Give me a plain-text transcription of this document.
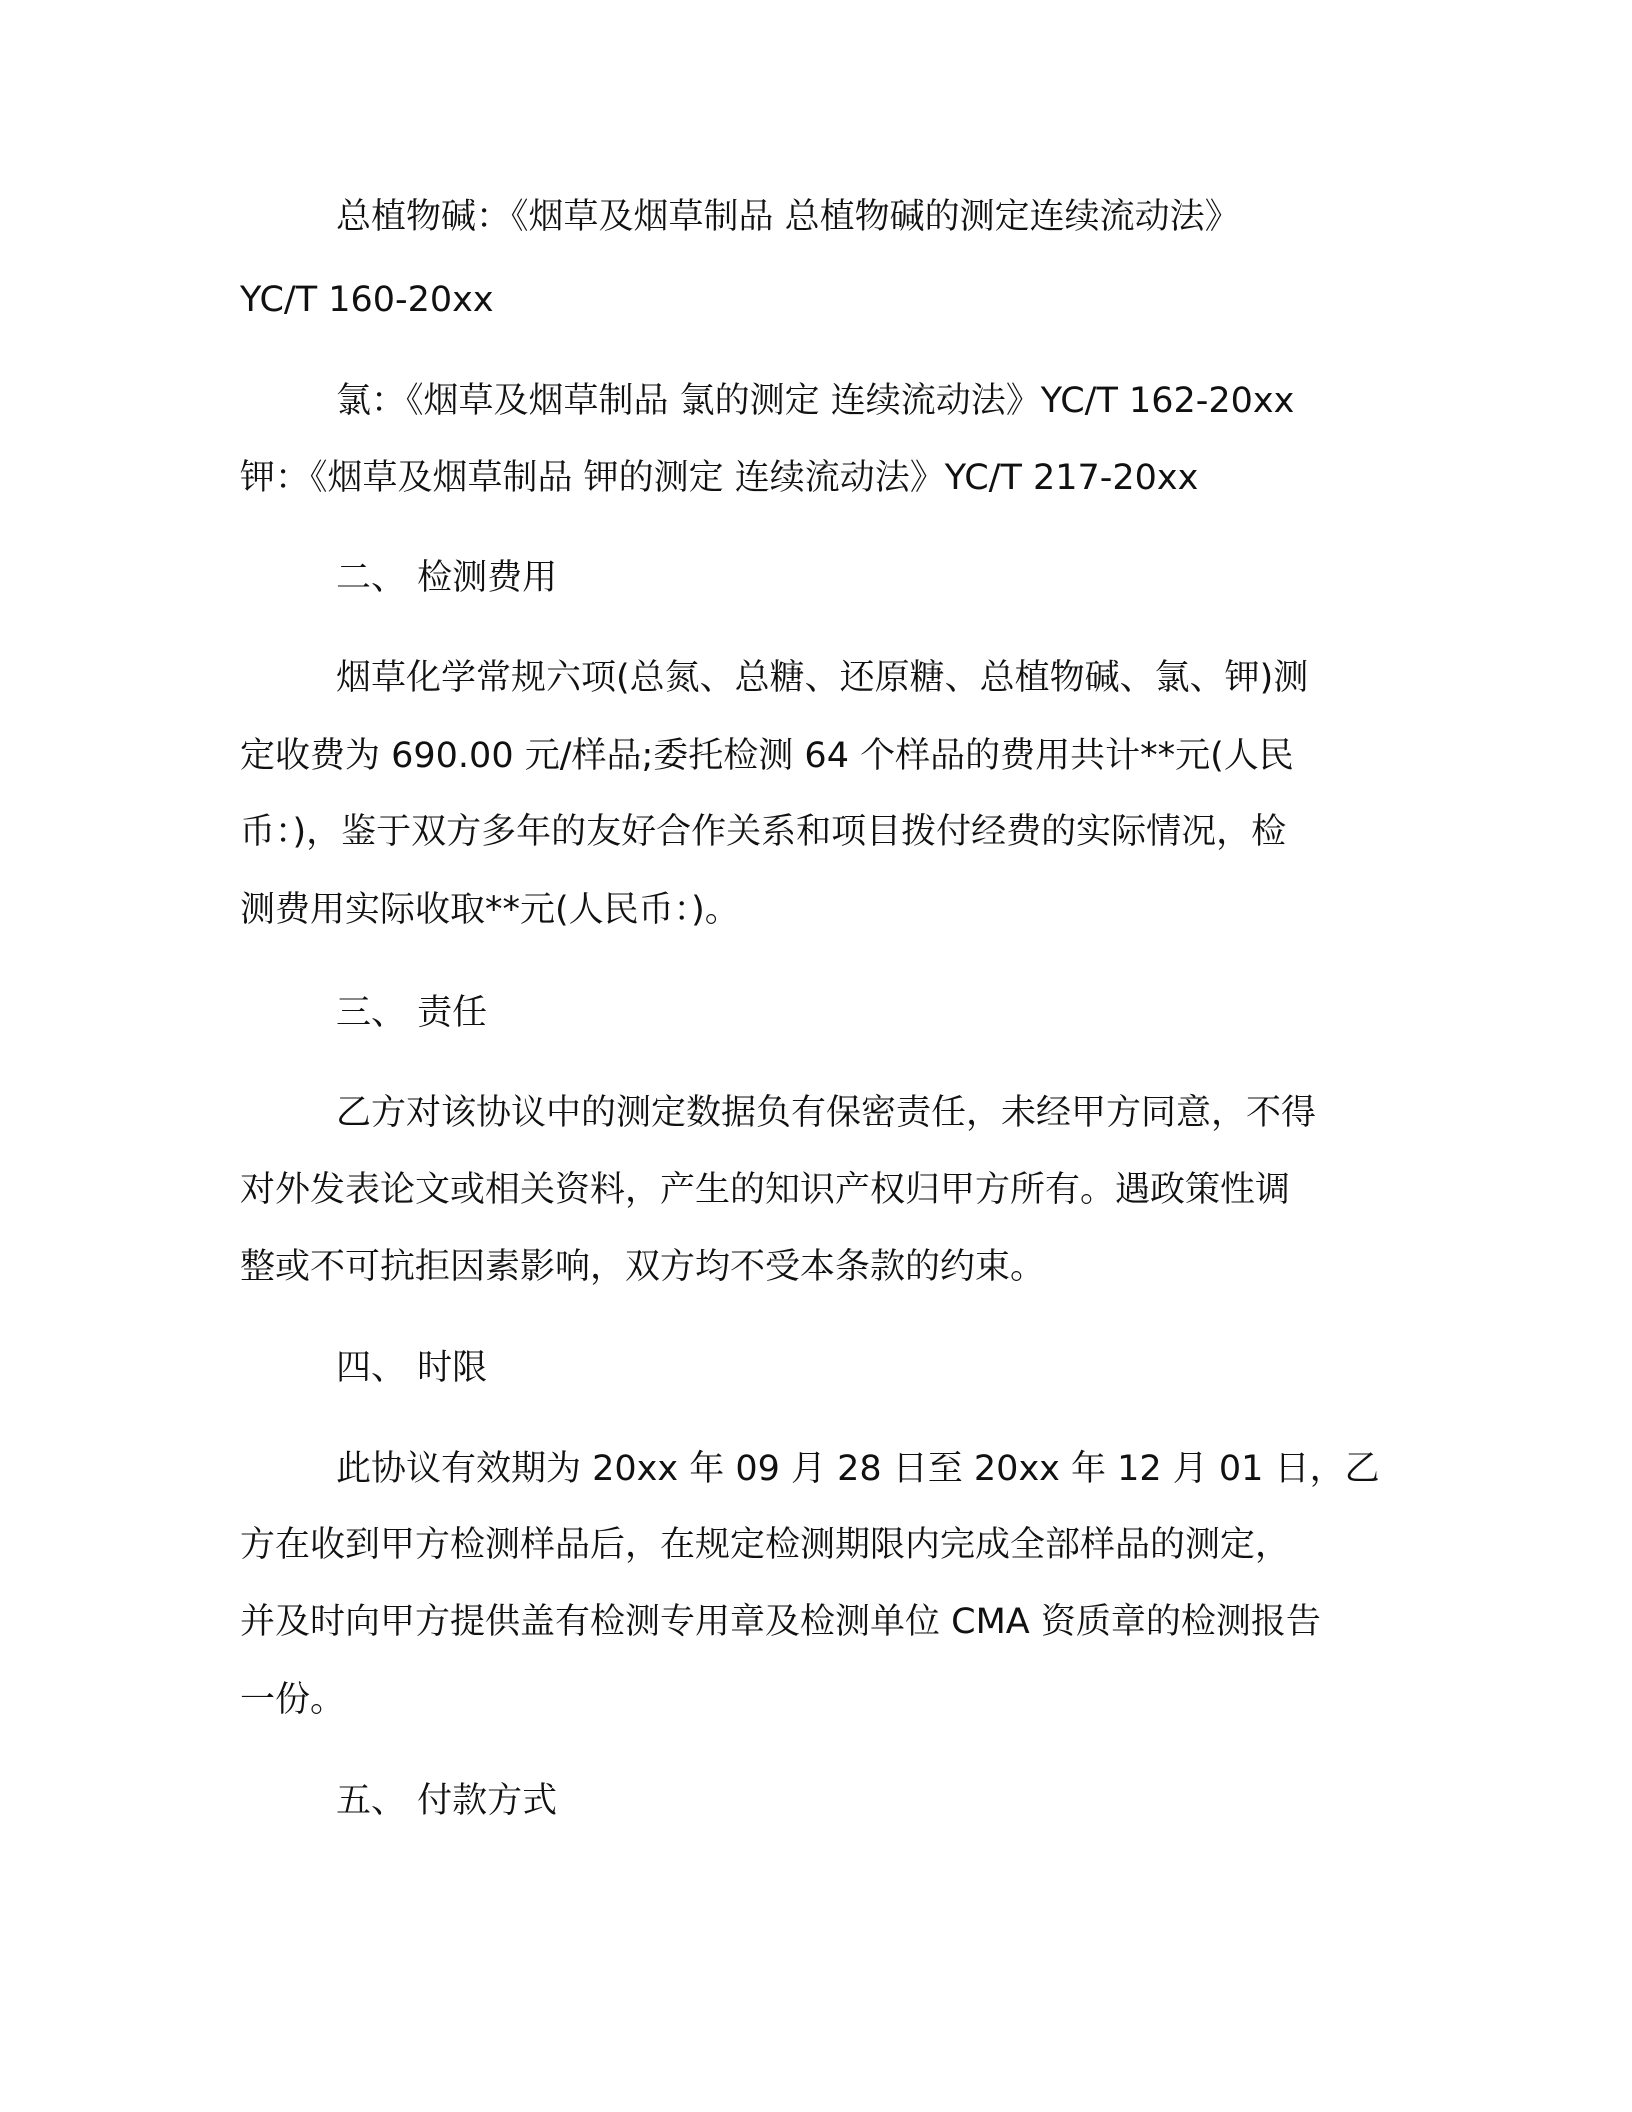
总植物碱：《烟草及烟草制品 总植物碱的测定连续流动法》
YC/T 160-20xx
氯：《烟草及烟草制品 氯的测定 连续流动法》YC/T 162-20xx
钾：《烟草及烟草制品 钾的测定 连续流动法》YC/T 217-20xx
二、 检测费用
烟草化学常规六项(总氮、总糖、还原糖、总植物碱、氯、钾)测
定收费为 690.00 元/样品;委托检测 64 个样品的费用共计**元(人民
币：)，鉴于双方多年的友好合作关系和项目拨付经费的实际情况，检
测费用实际收取**元(人民币：)。
三、 责任
乙方对该协议中的测定数据负有保密责任，未经甲方同意，不得
对外发表论文或相关资料，产生的知识产权归甲方所有。遇政策性调
整或不可抗拒因素影响，双方均不受本条款的约束。
四、 时限
此协议有效期为 20xx 年 09 月 28 日至 20xx 年 12 月 01 日，乙
方在收到甲方检测样品后，在规定检测期限内完成全部样品的测定，
并及时向甲方提供盖有检测专用章及检测单位 CMA 资质章的检测报告
一份。
五、 付款方式
